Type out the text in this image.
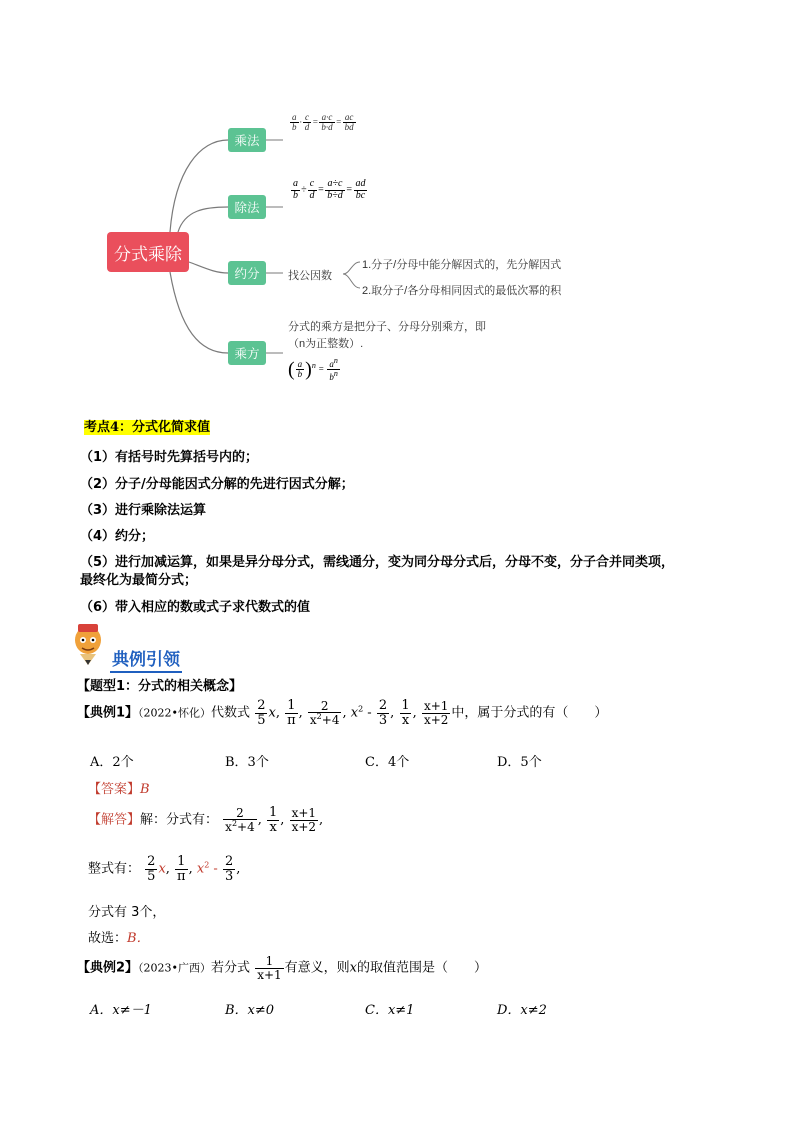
分式乘除
乘法
除法
约分
乘方
$\frac{a}{b} \cdot \frac{c}{d} = \frac{a\cdot c}{b\cdot d} = \frac{ac}{bd}$
$\frac{a}{b} \div \frac{c}{d} = \frac{a\div c}{b\div d} = \frac{ad}{bc}$
找公因数
1.分子/分母中能分解因式的，先分解因式
2.取分子/各分母相同因式的最低次幂的积
分式的乘方是把分子、分母分别乘方，即
（n为正整数）.
( $\frac{a}{b} )^n = \frac{a^n}{b^n}$
考点4：分式化简求值
（1）有括号时先算括号内的；
（2）分子/分母能因式分解的先进行因式分解；
（3）进行乘除法运算
（4）约分；
（5）进行加减运算，如果是异分母分式，需线通分，变为同分母分式后，分母不变，分子合并同类项，
最终化为最简分式；
（6）带入相应的数或式子求代数式的值
典例引领
【题型1：分式的相关概念】
【典例1】（2022•怀化）代数式 $\frac{2}{5} x$, $\frac{1}{\pi}$ , $\frac{2}{x^2+4}$ , $x^2 - \frac{2}{3}$ , $\frac{1}{x}$ , $\frac{x+1}{x+2}$ 中，属于分式的有（　　）
A．2个	B．3个	C．4个	D．5个
【答案】B
【解答】解：分式有： $\frac{2}{x^2+4}$ , $\frac{1}{x}$ , $\frac{x+1}{x+2}$ ,
整式有： $\frac{2}{5} x$, $\frac{1}{\pi}$ , $x^2 - \frac{2}{3}$ ,
分式有 3个，
故选：B．
【典例2】（2023•广西）若分式 $\frac{1}{x+1}$ 有意义，则x的取值范围是（　　）
A．x≠－1	B．x≠0	C．x≠1	D．x≠2
